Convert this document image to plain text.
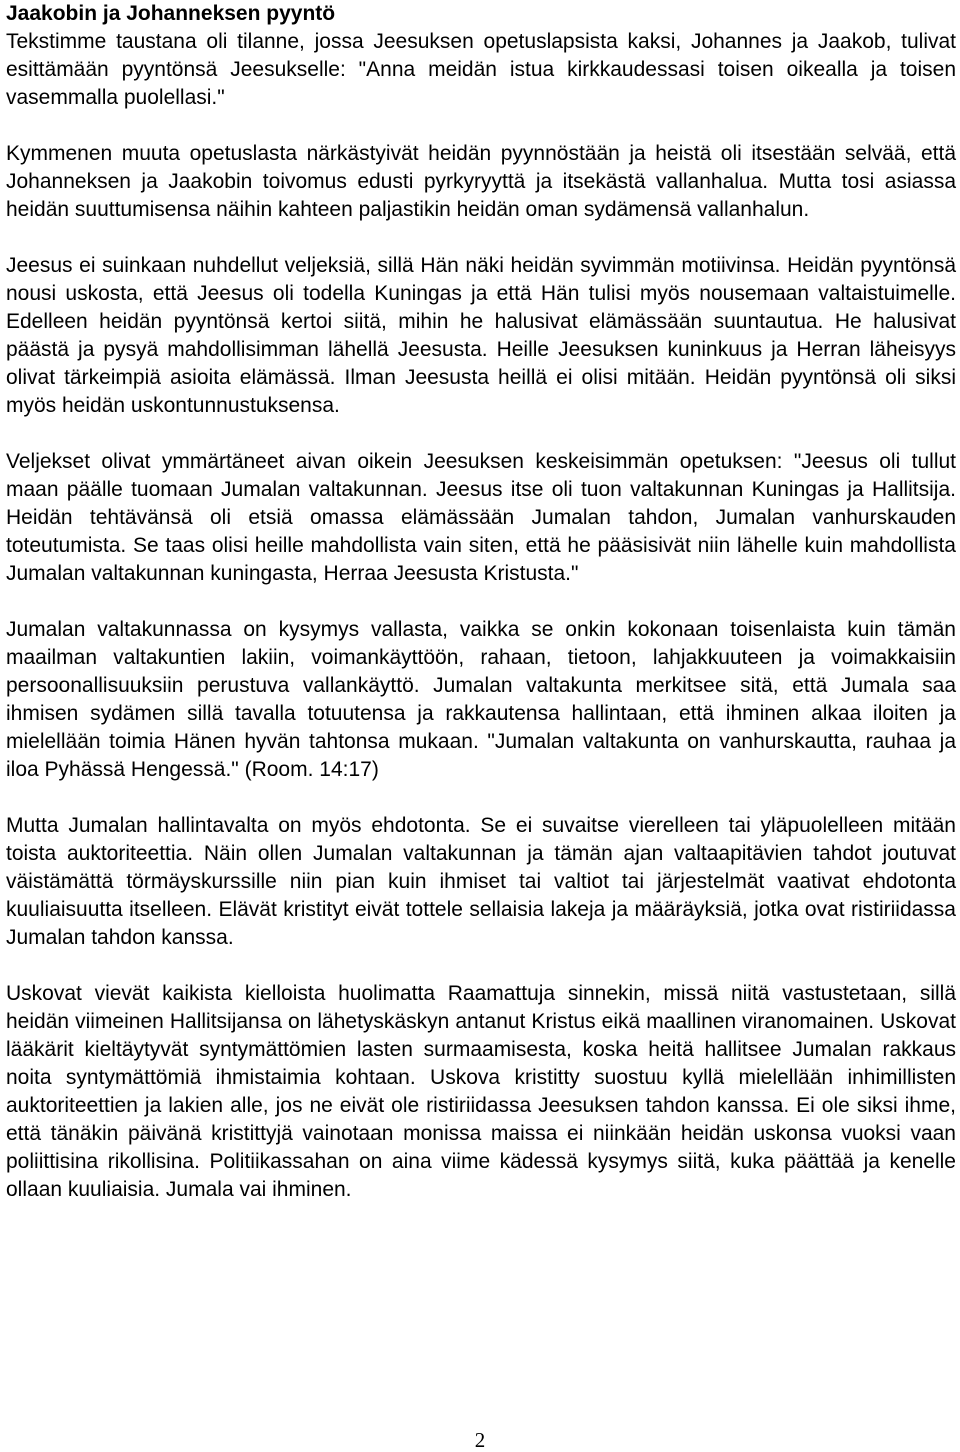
Jaakobin ja Johanneksen pyyntö

Tekstimme taustana oli tilanne, jossa Jeesuksen opetuslapsista kaksi, Johannes ja Jaakob, tulivat esittämään pyyntönsä Jeesukselle: "Anna meidän istua kirkkaudessasi toisen oikealla ja toisen vasemmalla puolellasi."

Kymmenen muuta opetuslasta närkästyivät heidän pyynnöstään ja heistä oli itsestään selvää, että Johanneksen ja Jaakobin toivomus edusti pyrkyryyttä ja itsekästä vallanhalua. Mutta tosi asiassa heidän suuttumisensa näihin kahteen paljastikin heidän oman sydämensä vallanhalun.

Jeesus ei suinkaan nuhdellut veljeksiä, sillä Hän näki heidän syvimmän motiivinsa. Heidän pyyntönsä nousi uskosta, että Jeesus oli todella Kuningas ja että Hän tulisi myös nousemaan valtaistuimelle. Edelleen heidän pyyntönsä kertoi siitä, mihin he halusivat elämässään suuntautua. He halusivat päästä ja pysyä mahdollisimman lähellä Jeesusta. Heille Jeesuksen kuninkuus ja Herran läheisyys olivat tärkeimpiä asioita elämässä. Ilman Jeesusta heillä ei olisi mitään. Heidän pyyntönsä oli siksi myös heidän uskontunnustuksensa.

Veljekset olivat ymmärtäneet aivan oikein Jeesuksen keskeisimmän opetuksen: "Jeesus oli tullut maan päälle tuomaan Jumalan valtakunnan. Jeesus itse oli tuon valtakunnan Kuningas ja Hallitsija. Heidän tehtävänsä oli etsiä omassa elämässään Jumalan tahdon, Jumalan vanhurskauden toteutumista. Se taas olisi heille mahdollista vain siten, että he pääsisivät niin lähelle kuin mahdollista Jumalan valtakunnan kuningasta, Herraa Jeesusta Kristusta."

Jumalan valtakunnassa on kysymys vallasta, vaikka se onkin kokonaan toisenlaista kuin tämän maailman valtakuntien lakiin, voimankäyttöön, rahaan, tietoon, lahjakkuuteen ja voimakkaisiin persoonallisuuksiin perustuva vallankäyttö. Jumalan valtakunta merkitsee sitä, että Jumala saa ihmisen sydämen sillä tavalla totuutensa ja rakkautensa hallintaan, että ihminen alkaa iloiten ja mielellään toimia Hänen hyvän tahtonsa mukaan. "Jumalan valtakunta on vanhurskautta, rauhaa ja iloa Pyhässä Hengessä." (Room. 14:17)

Mutta Jumalan hallintavalta on myös ehdotonta. Se ei suvaitse vierelleen tai yläpuolelleen mitään toista auktoriteettia. Näin ollen Jumalan valtakunnan ja tämän ajan valtaapitävien tahdot joutuvat väistämättä törmäyskurssille niin pian kuin ihmiset tai valtiot tai järjestelmät vaativat ehdotonta kuuliaisuutta itselleen. Elävät kristityt eivät tottele sellaisia lakeja ja määräyksiä, jotka ovat ristiriidassa Jumalan tahdon kanssa.

Uskovat vievät kaikista kielloista huolimatta Raamattuja sinnekin, missä niitä vastustetaan, sillä heidän viimeinen Hallitsijansa on lähetyskäskyn antanut Kristus eikä maallinen viranomainen. Uskovat lääkärit kieltäytyvät syntymättömien lasten surmaamisesta, koska heitä hallitsee Jumalan rakkaus noita syntymättömiä ihmistaimia kohtaan. Uskova kristitty suostuu kyllä mielellään inhimillisten auktoriteettien ja lakien alle, jos ne eivät ole ristiriidassa Jeesuksen tahdon kanssa. Ei ole siksi ihme, että tänäkin päivänä kristittyjä vainotaan monissa maissa ei niinkään heidän uskonsa vuoksi vaan poliittisina rikollisina. Politiikassahan on aina viime kädessä kysymys siitä, kuka päättää ja kenelle ollaan kuuliaisia. Jumala vai ihminen.

2
